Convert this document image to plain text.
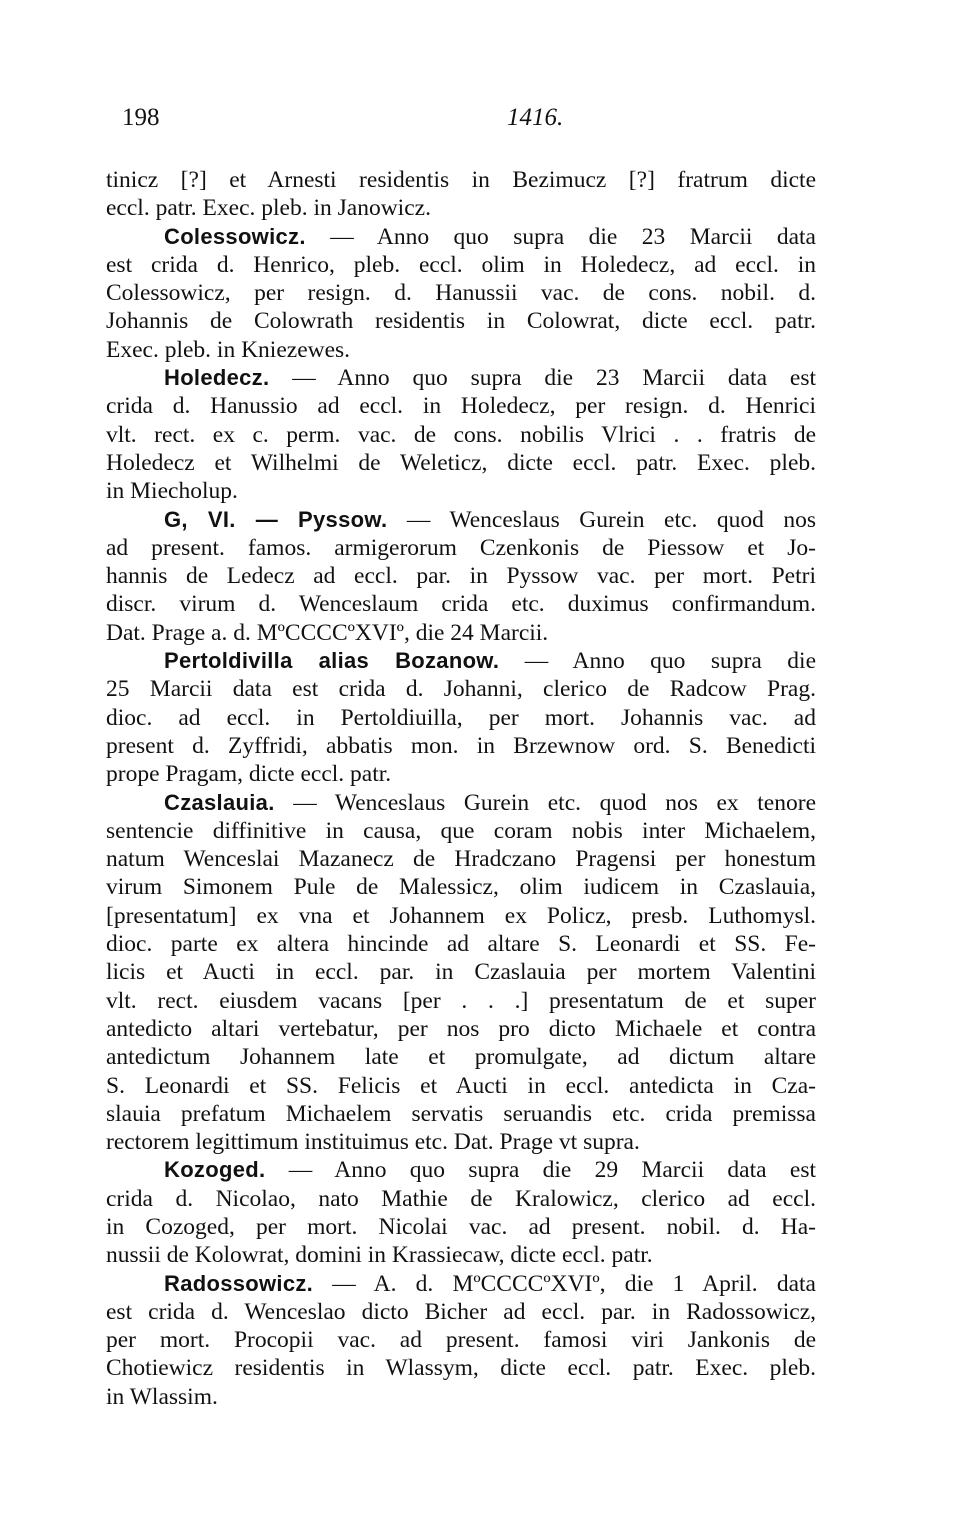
198	1416.
tinicz [?] et Arnesti residentis in Bezimucz [?] fratrum dicte
eccl. patr. Exec. pleb. in Janowicz.
Colessowicz. — Anno quo supra die 23 Marcii data
est crida d. Henrico, pleb. eccl. olim in Holedecz, ad eccl. in
Colessowicz, per resign. d. Hanussii vac. de cons. nobil. d.
Johannis de Colowrath residentis in Colowrat, dicte eccl. patr.
Exec. pleb. in Kniezewes.
Holedecz. — Anno quo supra die 23 Marcii data est
crida d. Hanussio ad eccl. in Holedecz, per resign. d. Henrici
vlt. rect. ex c. perm. vac. de cons. nobilis Vlrici . . fratris de
Holedecz et Wilhelmi de Weleticz, dicte eccl. patr. Exec. pleb.
in Miecholup.
G, VI. — Pyssow. — Wenceslaus Gurein etc. quod nos
ad present. famos. armigerorum Czenkonis de Piessow et Jo-
hannis de Ledecz ad eccl. par. in Pyssow vac. per mort. Petri
discr. virum d. Wenceslaum crida etc. duximus confirmandum.
Dat. Prage a. d. MºCCCCºXVIº, die 24 Marcii.
Pertoldivilla alias Bozanow. — Anno quo supra die
25 Marcii data est crida d. Johanni, clerico de Radcow Prag.
dioc. ad eccl. in Pertoldiuilla, per mort. Johannis vac. ad
present d. Zyffridi, abbatis mon. in Brzewnow ord. S. Benedicti
prope Pragam, dicte eccl. patr.
Czaslauia. — Wenceslaus Gurein etc. quod nos ex tenore
sentencie diffinitive in causa, que coram nobis inter Michaelem,
natum Wenceslai Mazanecz de Hradczano Pragensi per honestum
virum Simonem Pule de Malessicz, olim iudicem in Czaslauia,
[presentatum] ex vna et Johannem ex Policz, presb. Luthomysl.
dioc. parte ex altera hincinde ad altare S. Leonardi et SS. Fe-
licis et Aucti in eccl. par. in Czaslauia per mortem Valentini
vlt. rect. eiusdem vacans [per . . .] presentatum de et super
antedicto altari vertebatur, per nos pro dicto Michaele et contra
antedictum Johannem late et promulgate, ad dictum altare
S. Leonardi et SS. Felicis et Aucti in eccl. antedicta in Cza-
slauia prefatum Michaelem servatis seruandis etc. crida premissa
rectorem legittimum instituimus etc. Dat. Prage vt supra.
Kozoged. — Anno quo supra die 29 Marcii data est
crida d. Nicolao, nato Mathie de Kralowicz, clerico ad eccl.
in Cozoged, per mort. Nicolai vac. ad present. nobil. d. Ha-
nussii de Kolowrat, domini in Krassiecaw, dicte eccl. patr.
Radossowicz. — A. d. MºCCCCºXVIº, die 1 April. data
est crida d. Wenceslao dicto Bicher ad eccl. par. in Radossowicz,
per mort. Procopii vac. ad present. famosi viri Jankonis de
Chotiewicz residentis in Wlassym, dicte eccl. patr. Exec. pleb.
in Wlassim.
